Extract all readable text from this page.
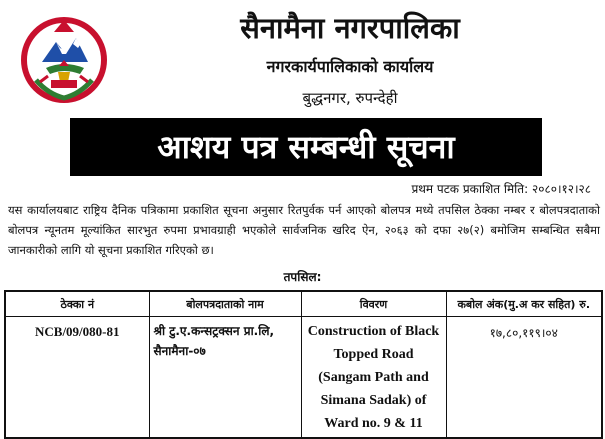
सैनामैना नगरपालिका
नगरकार्यपालिकाको कार्यालय
बुद्धनगर, रुपन्देही
आशय पत्र सम्बन्धी सूचना
प्रथम पटक प्रकाशित मिति: २०८०।१२।२८
यस कार्यालयबाट राष्ट्रिय दैनिक पत्रिकामा प्रकाशित सूचना अनुसार रितपुर्वक पर्न आएको बोलपत्र मध्ये तपसिल ठेक्का नम्बर र बोलपत्रदाताको बोलपत्र न्यूनतम मूल्यांकित सारभुत रुपमा प्रभावग्राही भएकोले सार्वजनिक खरिद ऐन, २०६३ को दफा २७(२) बमोजिम सम्बन्धित सबैमा जानकारीको लागि यो सूचना प्रकाशित गरिएको छ।
तपसिल:
ठेक्का नं	बोलपत्रदाताको नाम	विवरण	कबोल अंक(मु.अ कर सहित) रु.
NCB/09/080-81	श्री टु.ए.कन्सट्रक्सन प्रा.लि, सैनामैना-०७	Construction of Black Topped Road (Sangam Path and Simana Sadak) of Ward no. 9 & 11	१७,८०,११९।०४
